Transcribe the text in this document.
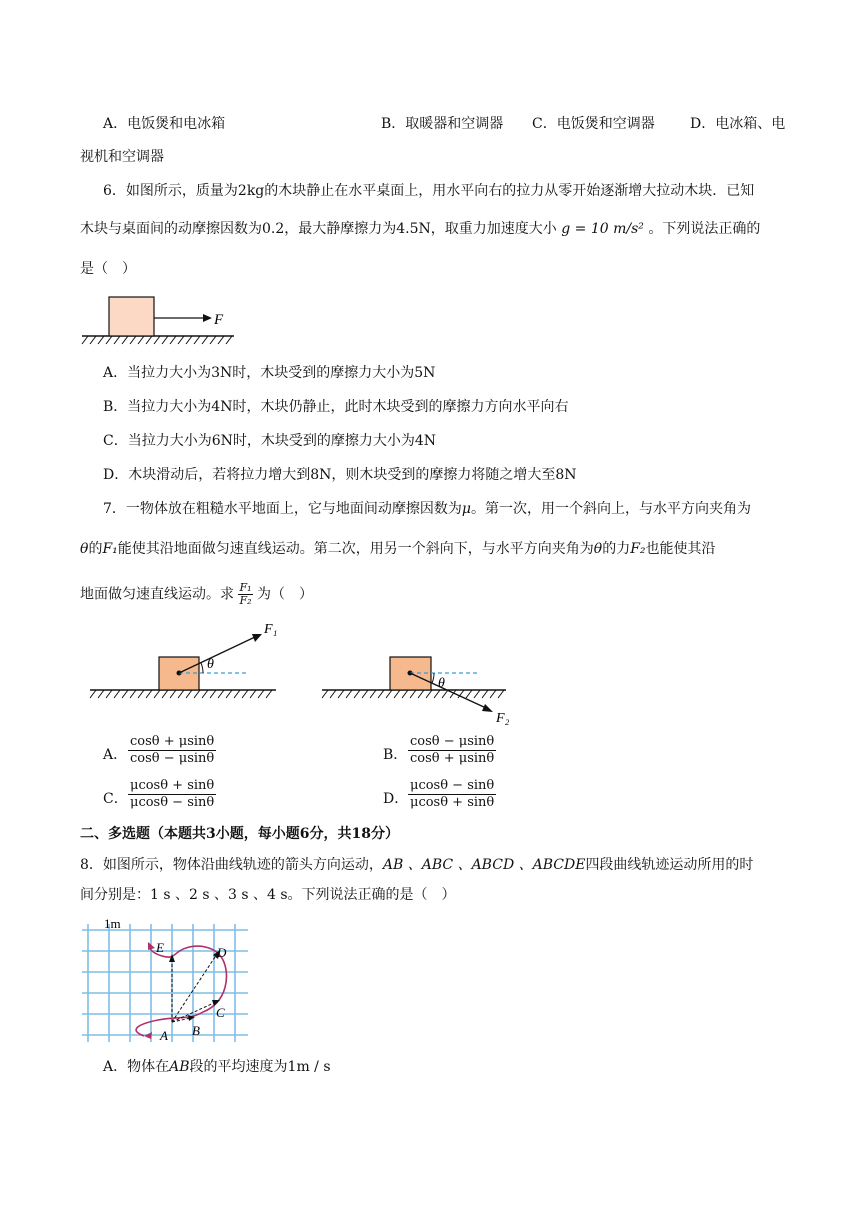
A．电饭煲和电冰箱	B．取暖器和空调器 C．电饭煲和空调器	D．电冰箱、电
视机和空调器
6．如图所示，质量为2kg的木块静止在水平桌面上，用水平向右的拉力从零开始逐渐增大拉动木块．已知
木块与桌面间的动摩擦因数为0.2，最大静摩擦力为4.5N，取重力加速度大小 g = 10 m/s² 。下列说法正确的
是（　）
F
A．当拉力大小为3N时，木块受到的摩擦力大小为5N
B．当拉力大小为4N时，木块仍静止，此时木块受到的摩擦力方向水平向右
C．当拉力大小为6N时，木块受到的摩擦力大小为4N
D．木块滑动后，若将拉力增大到8N，则木块受到的摩擦力将随之增大至8N
7．一物体放在粗糙水平地面上，它与地面间动摩擦因数为μ。第一次，用一个斜向上，与水平方向夹角为
θ的F₁能使其沿地面做匀速直线运动。第二次，用另一个斜向下，与水平方向夹角为θ的力F₂也能使其沿
地面做匀速直线运动。求 $\frac{\text{F₁}}{\text{F₂}}$ 为（　）
θ
F₁
θ
F₂
A． $\frac{\cos\theta + \mu\sin\theta}{\cos\theta - \mu\sin\theta}$	B． $\frac{\cos\theta - \mu\sin\theta}{\cos\theta + \mu\sin\theta}$
C． $\frac{\mu\cos\theta + \sin\theta}{\mu\cos\theta - \sin\theta}$	D． $\frac{\mu\cos\theta - \sin\theta}{\mu\cos\theta + \sin\theta}$
二、多选题（本题共3小题，每小题6分，共18分）
8．如图所示，物体沿曲线轨迹的箭头方向运动，AB 、ABC 、ABCD 、ABCDE四段曲线轨迹运动所用的时
间分别是：1 s 、2 s 、3 s 、4 s。下列说法正确的是（　）
1m
E	D
C
B
A
A．物体在AB段的平均速度为1m / s
